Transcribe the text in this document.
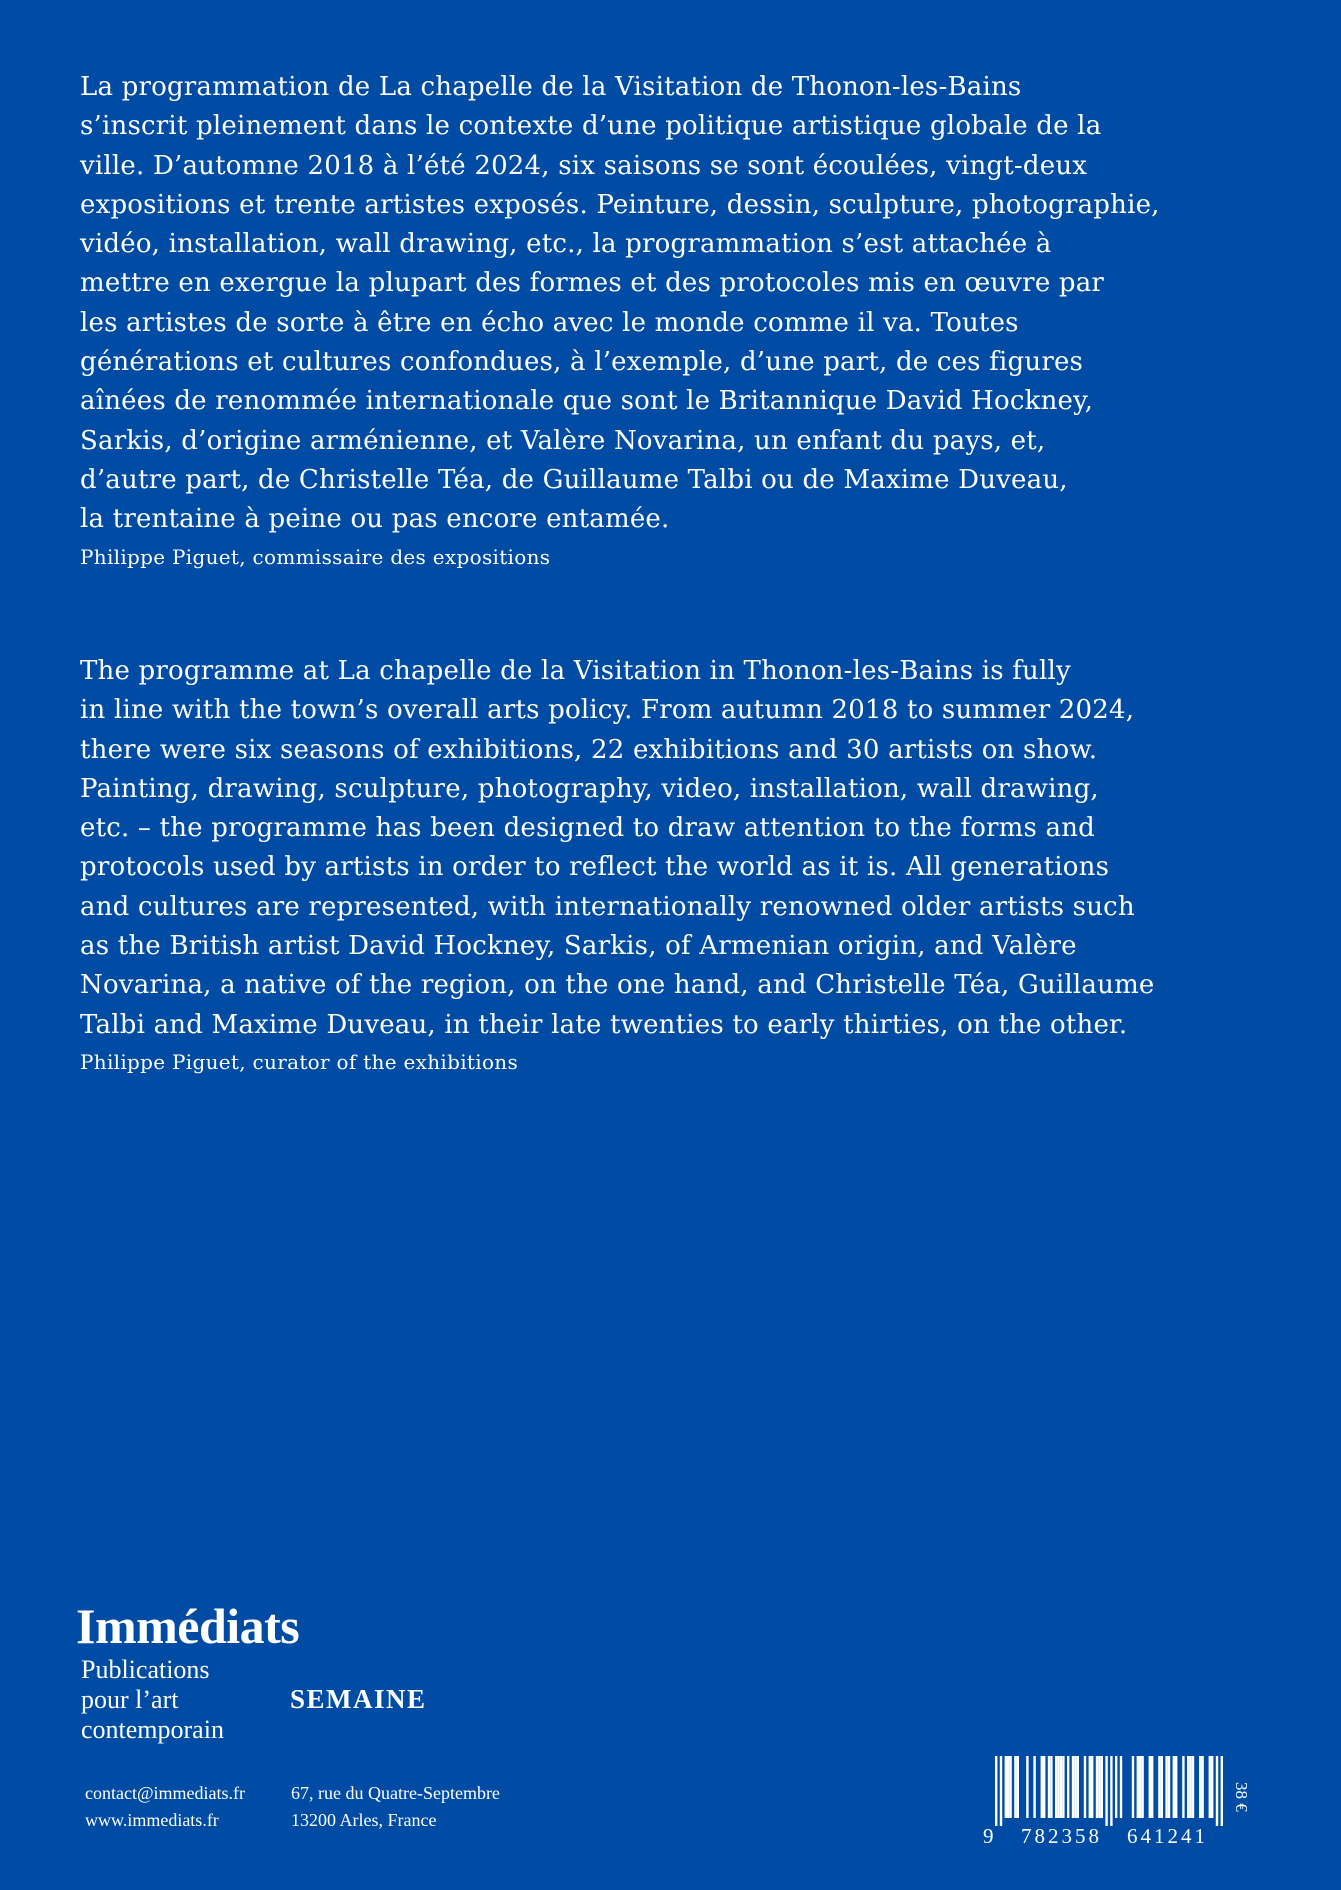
La programmation de La chapelle de la Visitation de Thonon-les-Bains
s’inscrit pleinement dans le contexte d’une politique artistique globale de la
ville. D’automne 2018 à l’été 2024, six saisons se sont écoulées, vingt-deux
expositions et trente artistes exposés. Peinture, dessin, sculpture, photographie,
vidéo, installation, wall drawing, etc., la programmation s’est attachée à
mettre en exergue la plupart des formes et des protocoles mis en œuvre par
les artistes de sorte à être en écho avec le monde comme il va. Toutes
générations et cultures confondues, à l’exemple, d’une part, de ces figures
aînées de renommée internationale que sont le Britannique David Hockney,
Sarkis, d’origine arménienne, et Valère Novarina, un enfant du pays, et,
d’autre part, de Christelle Téa, de Guillaume Talbi ou de Maxime Duveau,
la trentaine à peine ou pas encore entamée.

Philippe Piguet, commissaire des expositions

The programme at La chapelle de la Visitation in Thonon-les-Bains is fully
in line with the town’s overall arts policy. From autumn 2018 to summer 2024,
there were six seasons of exhibitions, 22 exhibitions and 30 artists on show.
Painting, drawing, sculpture, photography, video, installation, wall drawing,
etc. – the programme has been designed to draw attention to the forms and
protocols used by artists in order to reflect the world as it is. All generations
and cultures are represented, with internationally renowned older artists such
as the British artist David Hockney, Sarkis, of Armenian origin, and Valère
Novarina, a native of the region, on the one hand, and Christelle Téa, Guillaume
Talbi and Maxime Duveau, in their late twenties to early thirties, on the other.

Philippe Piguet, curator of the exhibitions
Immédiats
Publications
pour l’art
contemporain
SEMAINE
contact@immediats.fr
www.immediats.fr
67, rue du Quatre-Septembre
13200 Arles, France
9 782358 641241
38 €
